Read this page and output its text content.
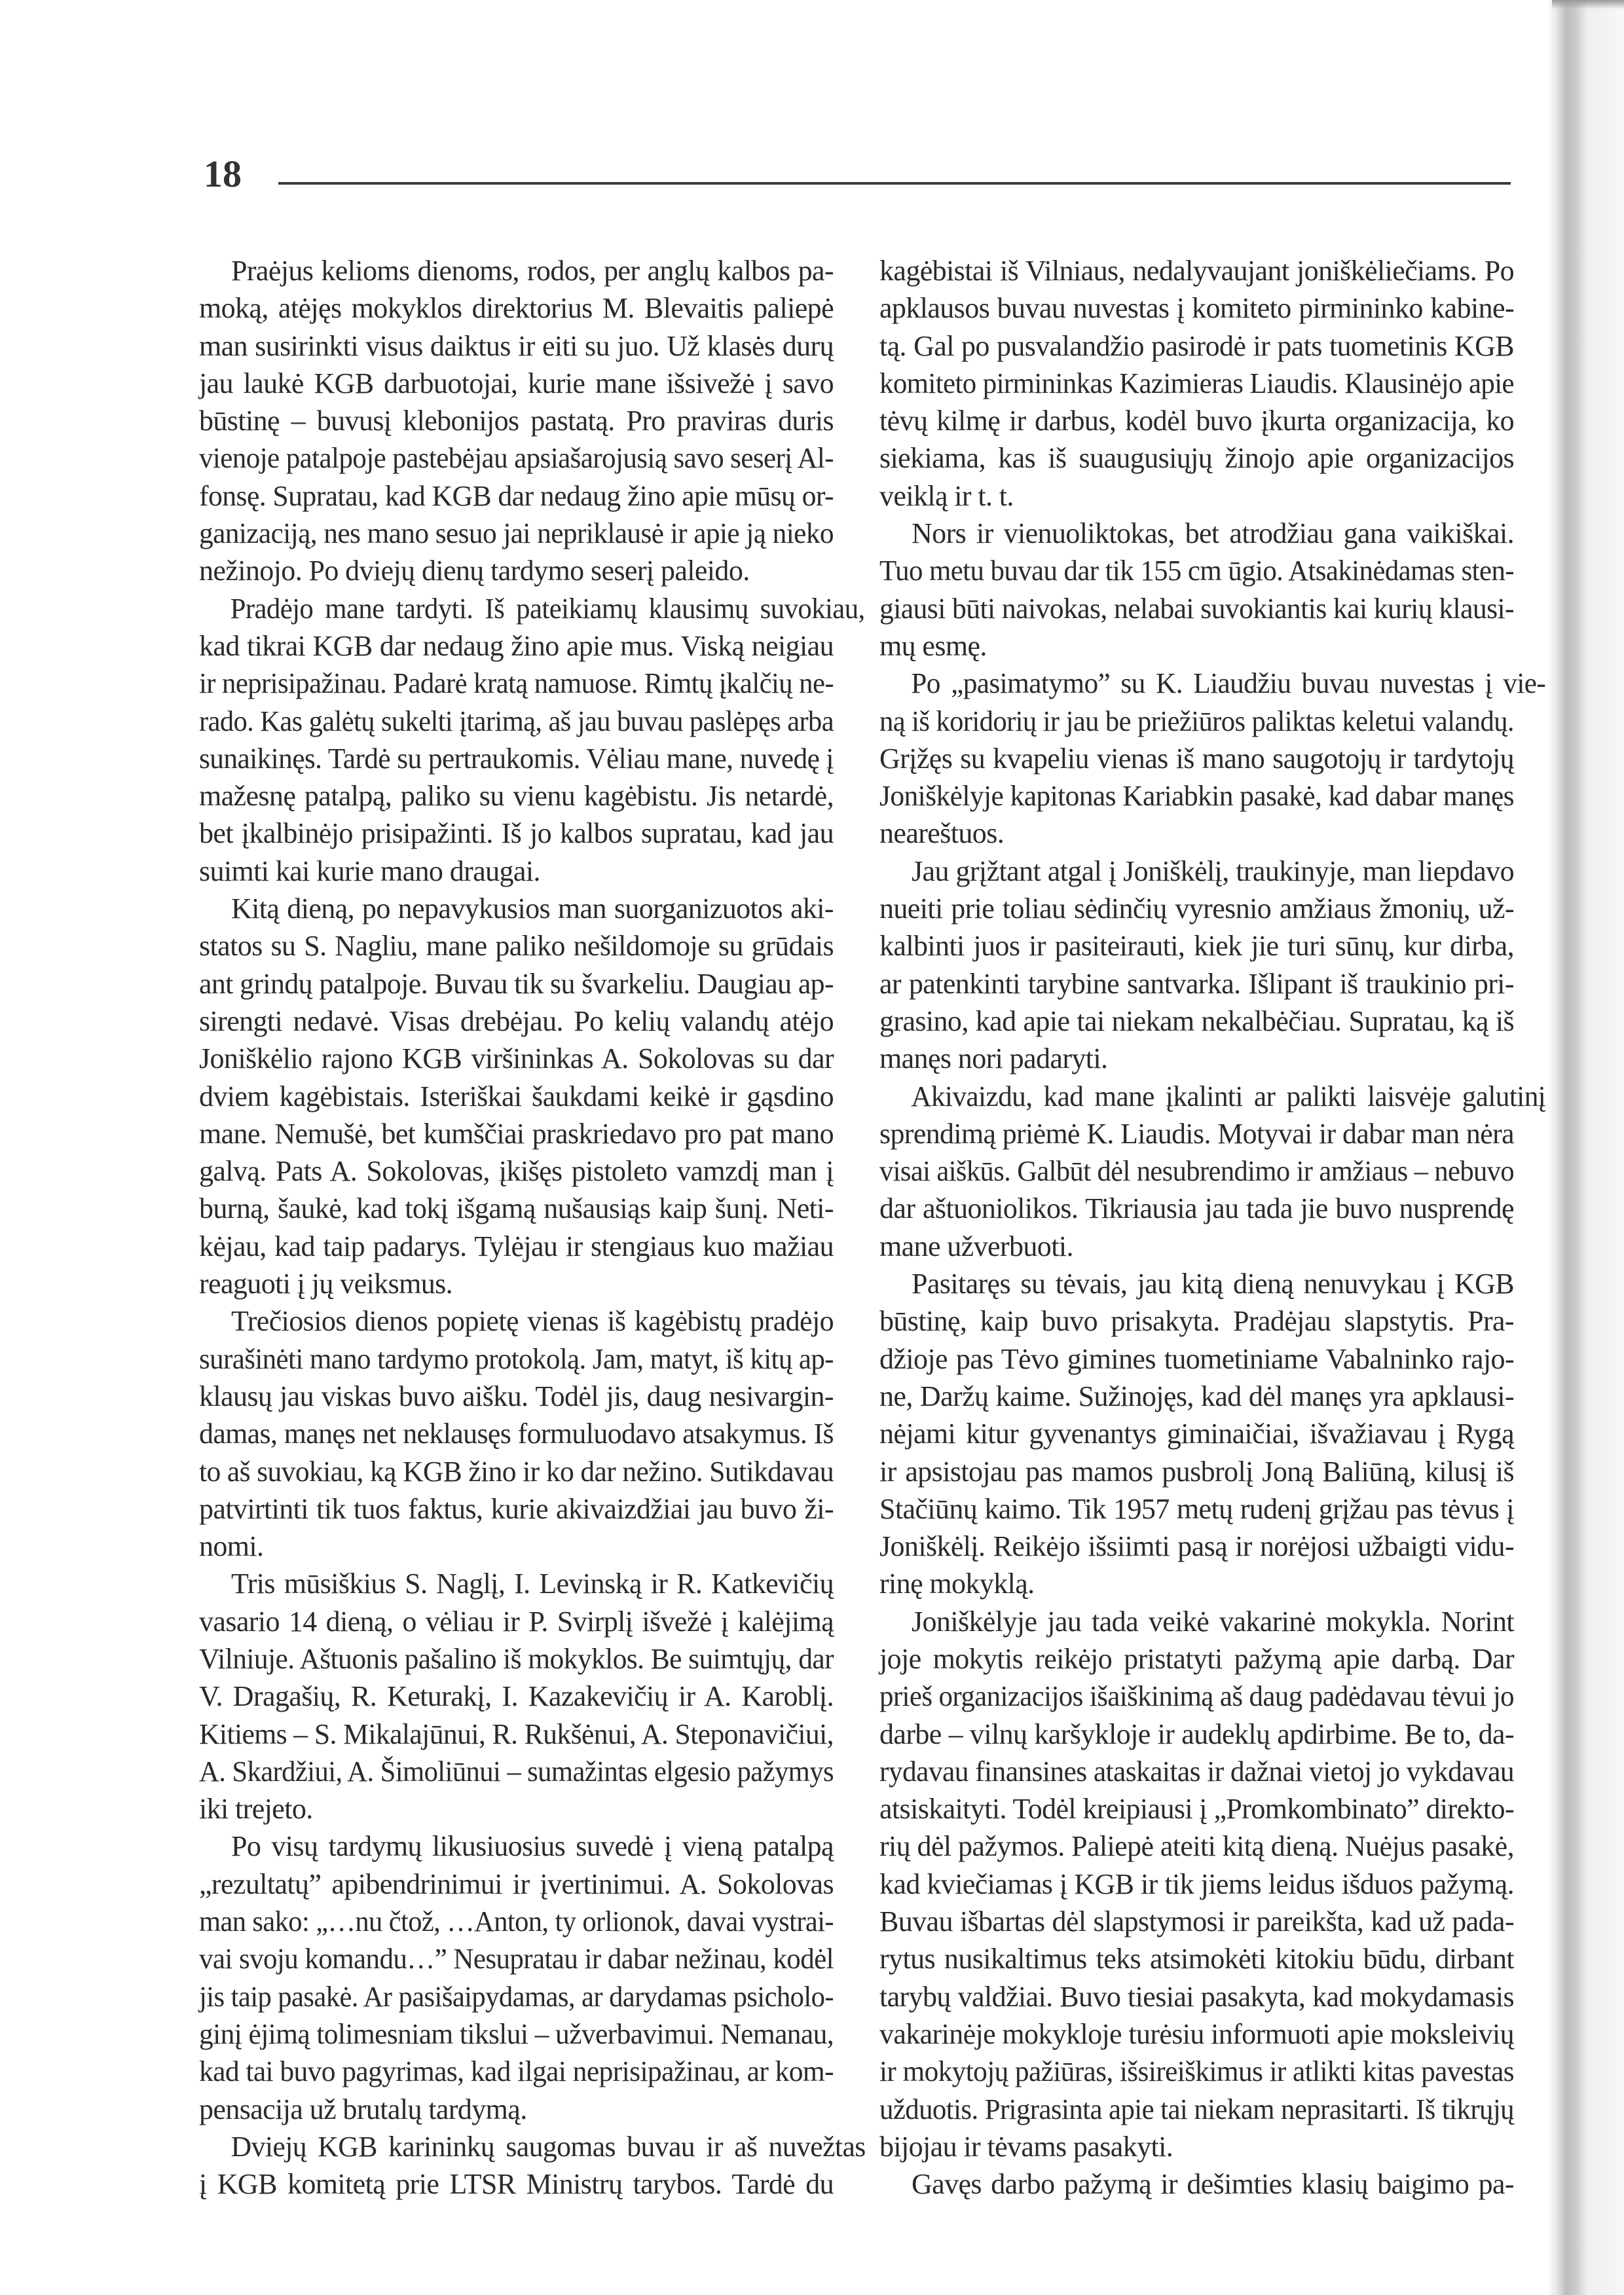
18
Praėjus kelioms dienoms, rodos, per anglų kalbos pa-
moką, atėjęs mokyklos direktorius M. Blevaitis paliepė
man susirinkti visus daiktus ir eiti su juo. Už klasės durų
jau laukė KGB darbuotojai, kurie mane išsivežė į savo
būstinę – buvusį klebonijos pastatą. Pro praviras duris
vienoje patalpoje pastebėjau apsiašarojusią savo seserį Al-
fonsę. Supratau, kad KGB dar nedaug žino apie mūsų or-
ganizaciją, nes mano sesuo jai nepriklausė ir apie ją nieko
nežinojo. Po dviejų dienų tardymo seserį paleido.
Pradėjo mane tardyti. Iš pateikiamų klausimų suvokiau,
kad tikrai KGB dar nedaug žino apie mus. Viską neigiau
ir neprisipažinau. Padarė kratą namuose. Rimtų įkalčių ne-
rado. Kas galėtų sukelti įtarimą, aš jau buvau paslėpęs arba
sunaikinęs. Tardė su pertraukomis. Vėliau mane, nuvedę į
mažesnę patalpą, paliko su vienu kagėbistu. Jis netardė,
bet įkalbinėjo prisipažinti. Iš jo kalbos supratau, kad jau
suimti kai kurie mano draugai.
Kitą dieną, po nepavykusios man suorganizuotos aki-
statos su S. Nagliu, mane paliko nešildomoje su grūdais
ant grindų patalpoje. Buvau tik su švarkeliu. Daugiau ap-
sirengti nedavė. Visas drebėjau. Po kelių valandų atėjo
Joniškėlio rajono KGB viršininkas A. Sokolovas su dar
dviem kagėbistais. Isteriškai šaukdami keikė ir gąsdino
mane. Nemušė, bet kumščiai praskriedavo pro pat mano
galvą. Pats A. Sokolovas, įkišęs pistoleto vamzdį man į
burną, šaukė, kad tokį išgamą nušausiąs kaip šunį. Neti-
kėjau, kad taip padarys. Tylėjau ir stengiaus kuo mažiau
reaguoti į jų veiksmus.
Trečiosios dienos popietę vienas iš kagėbistų pradėjo
surašinėti mano tardymo protokolą. Jam, matyt, iš kitų ap-
klausų jau viskas buvo aišku. Todėl jis, daug nesivargin-
damas, manęs net neklausęs formuluodavo atsakymus. Iš
to aš suvokiau, ką KGB žino ir ko dar nežino. Sutikdavau
patvirtinti tik tuos faktus, kurie akivaizdžiai jau buvo ži-
nomi.
Tris mūsiškius S. Naglį, I. Levinską ir R. Katkevičių
vasario 14 dieną, o vėliau ir P. Svirplį išvežė į kalėjimą
Vilniuje. Aštuonis pašalino iš mokyklos. Be suimtųjų, dar
V. Dragašių, R. Keturakį, I. Kazakevičių ir A. Karoblį.
Kitiems – S. Mikalajūnui, R. Rukšėnui, A. Steponavičiui,
A. Skardžiui, A. Šimoliūnui – sumažintas elgesio pažymys
iki trejeto.
Po visų tardymų likusiuosius suvedė į vieną patalpą
„rezultatų” apibendrinimui ir įvertinimui. A. Sokolovas
man sako: „…nu čtož, …Anton, ty orlionok, davai vystrai-
vai svoju komandu…” Nesupratau ir dabar nežinau, kodėl
jis taip pasakė. Ar pasišaipydamas, ar darydamas psicholo-
ginį ėjimą tolimesniam tikslui – užverbavimui. Nemanau,
kad tai buvo pagyrimas, kad ilgai neprisipažinau, ar kom-
pensacija už brutalų tardymą.
Dviejų KGB karininkų saugomas buvau ir aš nuvežtas
į KGB komitetą prie LTSR Ministrų tarybos. Tardė du
kagėbistai iš Vilniaus, nedalyvaujant joniškėliečiams. Po
apklausos buvau nuvestas į komiteto pirmininko kabine-
tą. Gal po pusvalandžio pasirodė ir pats tuometinis KGB
komiteto pirmininkas Kazimieras Liaudis. Klausinėjo apie
tėvų kilmę ir darbus, kodėl buvo įkurta organizacija, ko
siekiama, kas iš suaugusiųjų žinojo apie organizacijos
veiklą ir t. t.
Nors ir vienuoliktokas, bet atrodžiau gana vaikiškai.
Tuo metu buvau dar tik 155 cm ūgio. Atsakinėdamas sten-
giausi būti naivokas, nelabai suvokiantis kai kurių klausi-
mų esmę.
Po „pasimatymo” su K. Liaudžiu buvau nuvestas į vie-
ną iš koridorių ir jau be priežiūros paliktas keletui valandų.
Grįžęs su kvapeliu vienas iš mano saugotojų ir tardytojų
Joniškėlyje kapitonas Kariabkin pasakė, kad dabar manęs
neareštuos.
Jau grįžtant atgal į Joniškėlį, traukinyje, man liepdavo
nueiti prie toliau sėdinčių vyresnio amžiaus žmonių, už-
kalbinti juos ir pasiteirauti, kiek jie turi sūnų, kur dirba,
ar patenkinti tarybine santvarka. Išlipant iš traukinio pri-
grasino, kad apie tai niekam nekalbėčiau. Supratau, ką iš
manęs nori padaryti.
Akivaizdu, kad mane įkalinti ar palikti laisvėje galutinį
sprendimą priėmė K. Liaudis. Motyvai ir dabar man nėra
visai aiškūs. Galbūt dėl nesubrendimo ir amžiaus – nebuvo
dar aštuoniolikos. Tikriausia jau tada jie buvo nusprendę
mane užverbuoti.
Pasitaręs su tėvais, jau kitą dieną nenuvykau į KGB
būstinę, kaip buvo prisakyta. Pradėjau slapstytis. Pra-
džioje pas Tėvo gimines tuometiniame Vabalninko rajo-
ne, Daržų kaime. Sužinojęs, kad dėl manęs yra apklausi-
nėjami kitur gyvenantys giminaičiai, išvažiavau į Rygą
ir apsistojau pas mamos pusbrolį Joną Baliūną, kilusį iš
Stačiūnų kaimo. Tik 1957 metų rudenį grįžau pas tėvus į
Joniškėlį. Reikėjo išsiimti pasą ir norėjosi užbaigti vidu-
rinę mokyklą.
Joniškėlyje jau tada veikė vakarinė mokykla. Norint
joje mokytis reikėjo pristatyti pažymą apie darbą. Dar
prieš organizacijos išaiškinimą aš daug padėdavau tėvui jo
darbe – vilnų karšykloje ir audeklų apdirbime. Be to, da-
rydavau finansines ataskaitas ir dažnai vietoj jo vykdavau
atsiskaityti. Todėl kreipiausi į „Promkombinato” direkto-
rių dėl pažymos. Paliepė ateiti kitą dieną. Nuėjus pasakė,
kad kviečiamas į KGB ir tik jiems leidus išduos pažymą.
Buvau išbartas dėl slapstymosi ir pareikšta, kad už pada-
rytus nusikaltimus teks atsimokėti kitokiu būdu, dirbant
tarybų valdžiai. Buvo tiesiai pasakyta, kad mokydamasis
vakarinėje mokykloje turėsiu informuoti apie moksleivių
ir mokytojų pažiūras, išsireiškimus ir atlikti kitas pavestas
užduotis. Prigrasinta apie tai niekam neprasitarti. Iš tikrųjų
bijojau ir tėvams pasakyti.
Gavęs darbo pažymą ir dešimties klasių baigimo pa-
